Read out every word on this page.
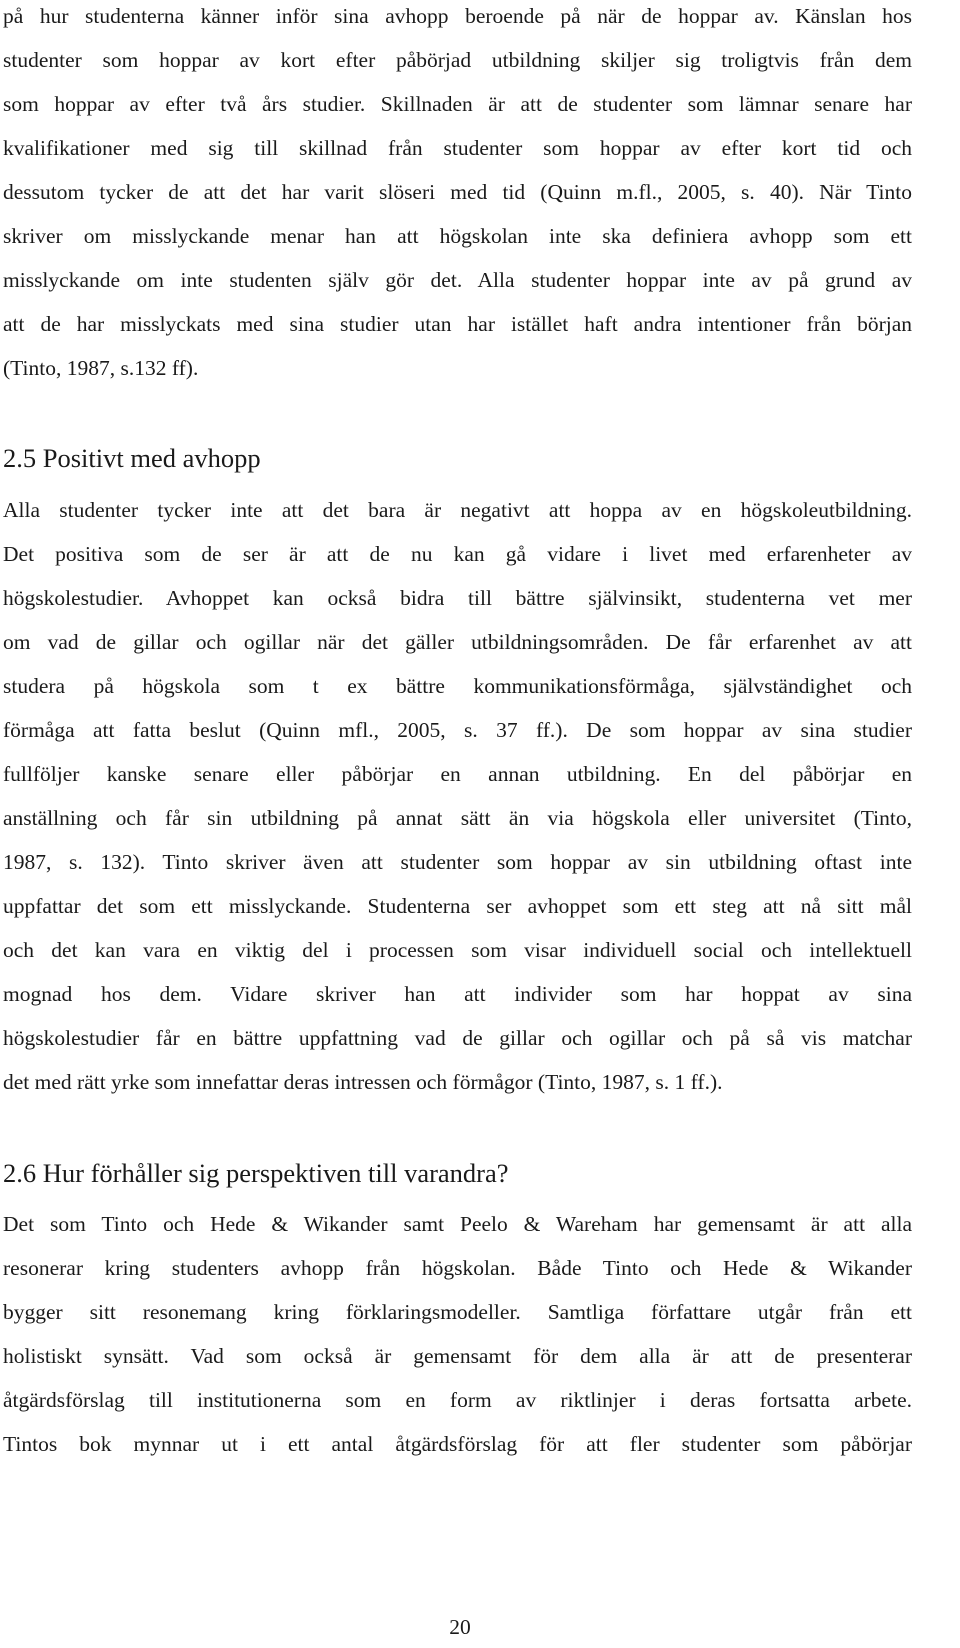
på hur studenterna känner inför sina avhopp beroende på när de hoppar av. Känslan hos
studenter som hoppar av kort efter påbörjad utbildning skiljer sig troligtvis från dem
som hoppar av efter två års studier. Skillnaden är att de studenter som lämnar senare har
kvalifikationer med sig till skillnad från studenter som hoppar av efter kort tid och
dessutom tycker de att det har varit slöseri med tid (Quinn m.fl., 2005, s. 40). När Tinto
skriver om misslyckande menar han att högskolan inte ska definiera avhopp som ett
misslyckande om inte studenten själv gör det. Alla studenter hoppar inte av på grund av
att de har misslyckats med sina studier utan har istället haft andra intentioner från början
(Tinto, 1987, s.132 ff).
2.5 Positivt med avhopp
Alla studenter tycker inte att det bara är negativt att hoppa av en högskoleutbildning.
Det positiva som de ser är att de nu kan gå vidare i livet med erfarenheter av
högskolestudier. Avhoppet kan också bidra till bättre självinsikt, studenterna vet mer
om vad de gillar och ogillar när det gäller utbildningsområden. De får erfarenhet av att
studera på högskola som t ex bättre kommunikationsförmåga, självständighet och
förmåga att fatta beslut (Quinn mfl., 2005, s. 37 ff.). De som hoppar av sina studier
fullföljer kanske senare eller påbörjar en annan utbildning. En del påbörjar en
anställning och får sin utbildning på annat sätt än via högskola eller universitet (Tinto,
1987, s. 132). Tinto skriver även att studenter som hoppar av sin utbildning oftast inte
uppfattar det som ett misslyckande. Studenterna ser avhoppet som ett steg att nå sitt mål
och det kan vara en viktig del i processen som visar individuell social och intellektuell
mognad hos dem. Vidare skriver han att individer som har hoppat av sina
högskolestudier får en bättre uppfattning vad de gillar och ogillar och på så vis matchar
det med rätt yrke som innefattar deras intressen och förmågor (Tinto, 1987, s. 1 ff.).
2.6 Hur förhåller sig perspektiven till varandra?
Det som Tinto och Hede & Wikander samt Peelo & Wareham har gemensamt är att alla
resonerar kring studenters avhopp från högskolan. Både Tinto och Hede & Wikander
bygger sitt resonemang kring förklaringsmodeller. Samtliga författare utgår från ett
holistiskt synsätt. Vad som också är gemensamt för dem alla är att de presenterar
åtgärdsförslag till institutionerna som en form av riktlinjer i deras fortsatta arbete.
Tintos bok mynnar ut i ett antal åtgärdsförslag för att fler studenter som påbörjar
20
